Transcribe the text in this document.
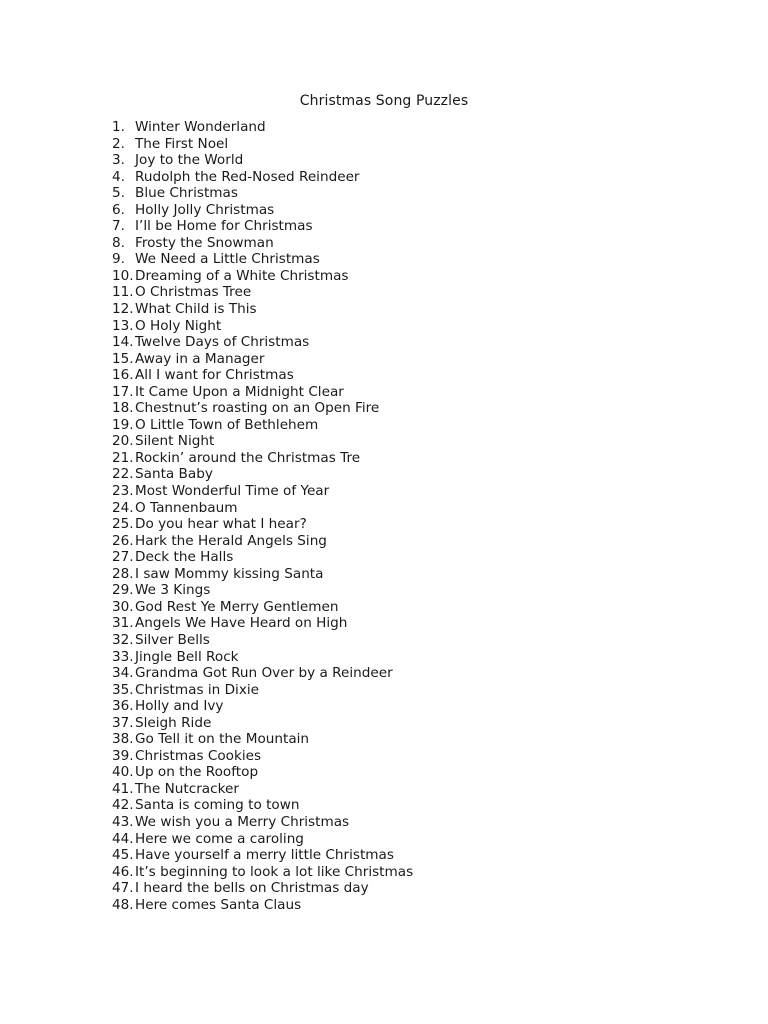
Christmas Song Puzzles
1. Winter Wonderland
2. The First Noel
3. Joy to the World
4. Rudolph the Red-Nosed Reindeer
5. Blue Christmas
6. Holly Jolly Christmas
7. I’ll be Home for Christmas
8. Frosty the Snowman
9. We Need a Little Christmas
10. Dreaming of a White Christmas
11. O Christmas Tree
12. What Child is This
13. O Holy Night
14. Twelve Days of Christmas
15. Away in a Manager
16. All I want for Christmas
17. It Came Upon a Midnight Clear
18. Chestnut’s roasting on an Open Fire
19. O Little Town of Bethlehem
20. Silent Night
21. Rockin’ around the Christmas Tre
22. Santa Baby
23. Most Wonderful Time of Year
24. O Tannenbaum
25. Do you hear what I hear?
26. Hark the Herald Angels Sing
27. Deck the Halls
28. I saw Mommy kissing Santa
29. We 3 Kings
30. God Rest Ye Merry Gentlemen
31. Angels We Have Heard on High
32. Silver Bells
33. Jingle Bell Rock
34. Grandma Got Run Over by a Reindeer
35. Christmas in Dixie
36. Holly and Ivy
37. Sleigh Ride
38. Go Tell it on the Mountain
39. Christmas Cookies
40. Up on the Rooftop
41. The Nutcracker
42. Santa is coming to town
43. We wish you a Merry Christmas
44. Here we come a caroling
45. Have yourself a merry little Christmas
46. It’s beginning to look a lot like Christmas
47. I heard the bells on Christmas day
48. Here comes Santa Claus
